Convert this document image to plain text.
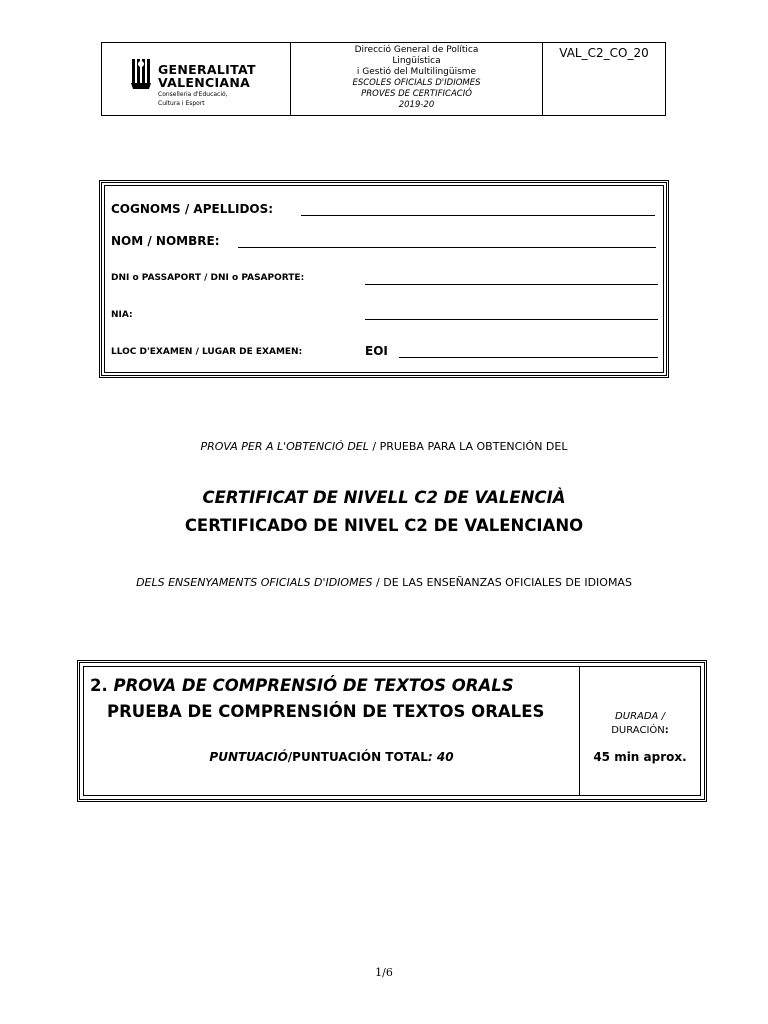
GENERALITAT
VALENCIANA
Conselleria d'Educació,
Cultura i Esport
Direcció General de Política
Lingüística
i Gestió del Multilingüisme
ESCOLES OFICIALS D'IDIOMES
PROVES DE CERTIFICACIÓ
2019-20
VAL_C2_CO_20
COGNOMS / APELLIDOS:
NOM / NOMBRE:
DNI o PASSAPORT / DNI o PASAPORTE:
NIA:
LLOC D'EXAMEN / LUGAR DE EXAMEN:	EOI
PROVA PER A L'OBTENCIÓ DEL / PRUEBA PARA LA OBTENCIÓN DEL
CERTIFICAT DE NIVELL C2 DE VALENCIÀ
CERTIFICADO DE NIVEL C2 DE VALENCIANO
DELS ENSENYAMENTS OFICIALS D'IDIOMES / DE LAS ENSEÑANZAS OFICIALES DE IDIOMAS
2. PROVA DE COMPRENSIÓ DE TEXTOS ORALS
PRUEBA DE COMPRENSIÓN DE TEXTOS ORALES
PUNTUACIÓ/PUNTUACIÓN TOTAL: 40
DURADA /
DURACIÓN:
45 min aprox.
1/6
